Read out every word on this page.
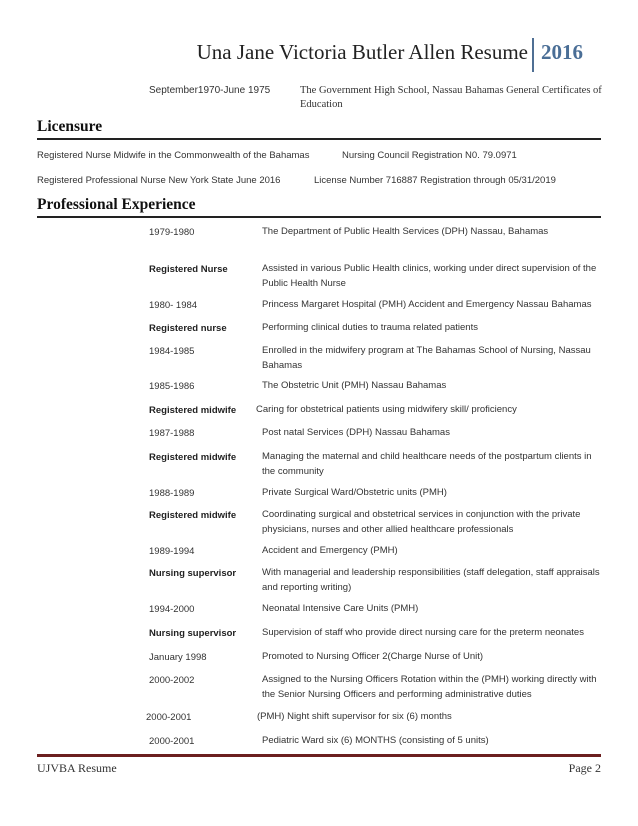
Una Jane Victoria Butler Allen Resume 2016
September1970-June 1975	The Government High School, Nassau Bahamas General Certificates of Education
Licensure
Registered Nurse Midwife in the Commonwealth of the Bahamas	Nursing Council Registration N0. 79.0971
Registered Professional Nurse New York State June 2016	License Number 716887 Registration through 05/31/2019
Professional Experience
1979-1980	The Department of Public Health Services (DPH) Nassau, Bahamas
Registered Nurse	Assisted in various Public Health clinics, working under direct supervision of the Public Health Nurse
1980- 1984	Princess Margaret Hospital (PMH) Accident and Emergency Nassau Bahamas
Registered nurse	Performing clinical duties to trauma related patients
1984-1985	Enrolled in the midwifery program at The Bahamas School of Nursing, Nassau Bahamas
1985-1986	The Obstetric Unit (PMH) Nassau Bahamas
Registered midwife Caring for obstetrical patients using midwifery skill/ proficiency
1987-1988	Post natal Services (DPH) Nassau Bahamas
Registered midwife	Managing the maternal and child healthcare needs of the postpartum clients in the community
1988-1989	Private Surgical Ward/Obstetric units (PMH)
Registered midwife	Coordinating surgical and obstetrical services in conjunction with the private physicians, nurses and other allied healthcare professionals
1989-1994	Accident and Emergency (PMH)
Nursing supervisor	With managerial and leadership responsibilities (staff delegation, staff appraisals and reporting writing)
1994-2000	Neonatal Intensive Care Units (PMH)
Nursing supervisor	Supervision of staff who provide direct nursing care for the preterm neonates
January 1998	Promoted to Nursing Officer 2(Charge Nurse of Unit)
2000-2002	Assigned to the Nursing Officers Rotation within the (PMH) working directly with the Senior Nursing Officers and performing administrative duties
2000-2001	(PMH) Night shift supervisor for six (6) months
2000-2001	Pediatric Ward six (6) MONTHS (consisting of 5 units)
UJVBA Resume	Page 2
